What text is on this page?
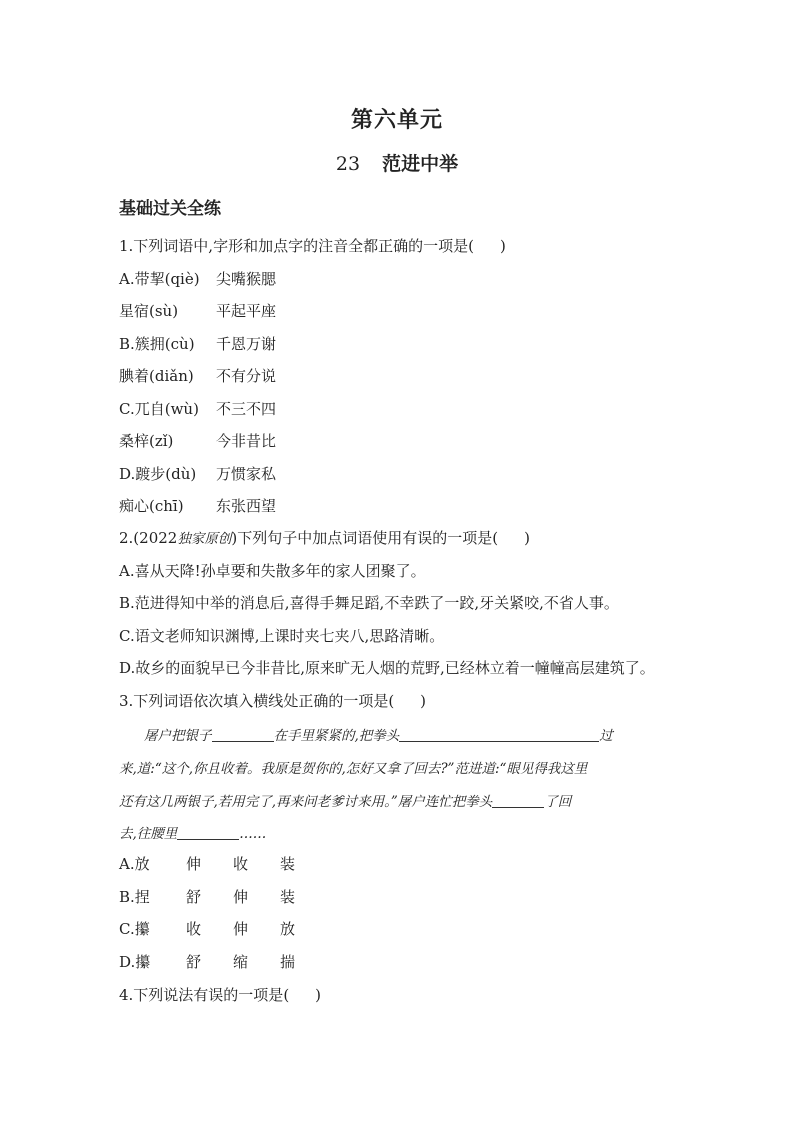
第六单元
23 范进中举
基础过关全练
1.下列词语中,字形和加点字的注音全都正确的一项是( )
A.带挈(qiè) 尖嘴猴腮
星宿(sù)	平起平座
B.簇拥(cù) 千恩万谢
腆着(diǎn) 不有分说
C.兀自(wù) 不三不四
桑梓(zǐ)	今非昔比
D.踱步(dù) 万惯家私
痴心(chī) 东张西望
2.(2022独家原创)下列句子中加点词语使用有误的一项是( )
A.喜从天降!孙卓要和失散多年的家人团聚了。
B.范进得知中举的消息后,喜得手舞足蹈,不幸跌了一跤,牙关紧咬,不省人事。
C.语文老师知识渊博,上课时夹七夹八,思路清晰。
D.故乡的面貌早已今非昔比,原来旷无人烟的荒野,已经林立着一幢幢高层建筑了。
3.下列词语依次填入横线处正确的一项是( )
屠户把银子	在手里紧紧的,把拳头	过
来,道:“这个,你且收着。我原是贺你的,怎好又拿了回去?”范进道:“眼见得我这里
还有这几两银子,若用完了,再来问老爹讨来用。”屠户连忙把拳头	了回
去,往腰里	……
A.放 伸 收 装
B.捏 舒 伸 装
C.攥 收 伸 放
D.攥 舒 缩 揣
4.下列说法有误的一项是( )
